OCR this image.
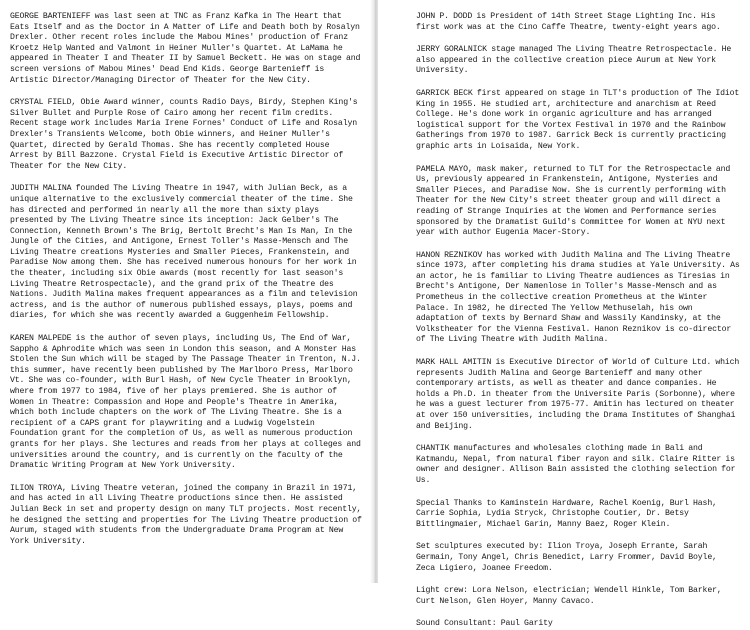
GEORGE BARTENIEFF was last seen at TNC as Franz Kafka in The Heart that Eats Itself and as the Doctor in A Matter of Life and Death both by Rosalyn Drexler. Other recent roles include the Mabou Mines' production of Franz Kroetz Help Wanted and Valmont in Heiner Muller's Quartet. At LaMama he appeared in Theater I and Theater II by Samuel Beckett. He was on stage and screen versions of Mabou Mines' Dead End Kids. George Bartenieff is Artistic Director/Managing Director of Theater for the New City.

CRYSTAL FIELD, Obie Award winner, counts Radio Days, Birdy, Stephen King's Silver Bullet and Purple Rose of Cairo among her recent film credits. Recent stage work includes Maria Irene Fornes' Conduct of Life and Rosalyn Drexler's Transients Welcome, both Obie winners, and Heiner Muller's Quartet, directed by Gerald Thomas. She has recently completed House Arrest by Bill Bazzone. Crystal Field is Executive Artistic Director of Theater for the New City.

JUDITH MALINA founded The Living Theatre in 1947, with Julian Beck, as a unique alternative to the exclusively commercial theater of the time. She has directed and performed in nearly all the more than sixty plays presented by The Living Theatre since its inception: Jack Gelber's The Connection, Kenneth Brown's The Brig, Bertolt Brecht's Man Is Man, In the Jungle of the Cities, and Antigone, Ernest Toller's Masse-Mensch and The Living Theatre creations Mysteries and Smaller Pieces, Frankenstein, and Paradise Now among them. She has received numerous honours for her work in the theater, including six Obie awards (most recently for last season's Living Theatre Retrospectacle), and the grand prix of the Theatre des Nations. Judith Malina makes frequent appearances as a film and television actress, and is the author of numerous published essays, plays, poems and diaries, for which she was recently awarded a Guggenheim Fellowship.

KAREN MALPEDE is the author of seven plays, including Us, The End of War, Sappho & Aphrodite which was seen in London this season, and A Monster Has Stolen the Sun which will be staged by The Passage Theater in Trenton, N.J. this summer, have recently been published by The Marlboro Press, Marlboro Vt. She was co-founder, with Burl Hash, of New Cycle Theater in Brooklyn, where from 1977 to 1984, five of her plays premiered. She is author of Women in Theatre: Compassion and Hope and People's Theatre in Amerika, which both include chapters on the work of The Living Theatre. She is a recipient of a CAPS grant for playwriting and a Ludwig Vogelstein Foundation grant for the completion of Us, as well as numerous production grants for her plays. She lectures and reads from her plays at colleges and universities around the country, and is currently on the faculty of the Dramatic Writing Program at New York University.

ILION TROYA, Living Theatre veteran, joined the company in Brazil in 1971, and has acted in all Living Theatre productions since then. He assisted Julian Beck in set and property design on many TLT projects. Most recently, he designed the setting and properties for The Living Theatre production of Aurum, staged with students from the Undergraduate Drama Program at New York University.

JOHN P. DODD is President of 14th Street Stage Lighting Inc. His first work was at the Cino Caffe Theatre, twenty-eight years ago.

JERRY GORALNICK stage managed The Living Theatre Retrospectacle. He also appeared in the collective creation piece Aurum at New York University.

GARRICK BECK first appeared on stage in TLT's production of The Idiot King in 1955. He studied art, architecture and anarchism at Reed College. He's done work in organic agriculture and has arranged logistical support for the Vortex Festival in 1970 and the Rainbow Gatherings from 1970 to 1987. Garrick Beck is currently practicing graphic arts in Loisaida, New York.

PAMELA MAYO, mask maker, returned to TLT for the Retrospectacle and Us, previously appeared in Frankenstein, Antigone, Mysteries and Smaller Pieces, and Paradise Now. She is currently performing with Theater for the New City's street theater group and will direct a reading of Strange Inquiries at the Women and Performance series sponsored by the Dramatist Guild's Committee for Women at NYU next year with author Eugenia Macer-Story.

HANON REZNIKOV has worked with Judith Malina and The Living Theatre since 1973, after completing his drama studies at Yale University. As an actor, he is familiar to Living Theatre audiences as Tiresias in Brecht's Antigone, Der Namenlose in Toller's Masse-Mensch and as Prometheus in the collective creation Prometheus at the Winter Palace. In 1982, he directed The Yellow Methuselah, his own adaptation of texts by Bernard Shaw and Wassily Kandinsky, at the Volkstheater for the Vienna Festival. Hanon Reznikov is co-director of The Living Theatre with Judith Malina.

MARK HALL AMITIN is Executive Director of World of Culture Ltd. which represents Judith Malina and George Bartenieff and many other contemporary artists, as well as theater and dance companies. He holds a Ph.D. in theater from the Universite Paris (Sorbonne), where he was a guest lecturer from 1975-77. Amitin has lectured on theater at over 150 universities, including the Drama Institutes of Shanghai and Beijing.

CHANTIK manufactures and wholesales clothing made in Bali and Katmandu, Nepal, from natural fiber rayon and silk. Claire Ritter is owner and designer. Allison Bain assisted the clothing selection for Us.

Special Thanks to Kaminstein Hardware, Rachel Koenig, Burl Hash, Carrie Sophia, Lydia Stryck, Christophe Coutier, Dr. Betsy Bittlingmaier, Michael Garin, Manny Baez, Roger Klein.

Set sculptures executed by: Ilion Troya, Joseph Errante, Sarah Germain, Tony Angel, Chris Benedict, Larry Frommer, David Boyle, Zeca Ligiero, Joanee Freedom.

Light crew: Lora Nelson, electrician; Wendell Hinkle, Tom Barker, Curt Nelson, Glen Hoyer, Manny Cavaco.

Sound Consultant: Paul Garity
